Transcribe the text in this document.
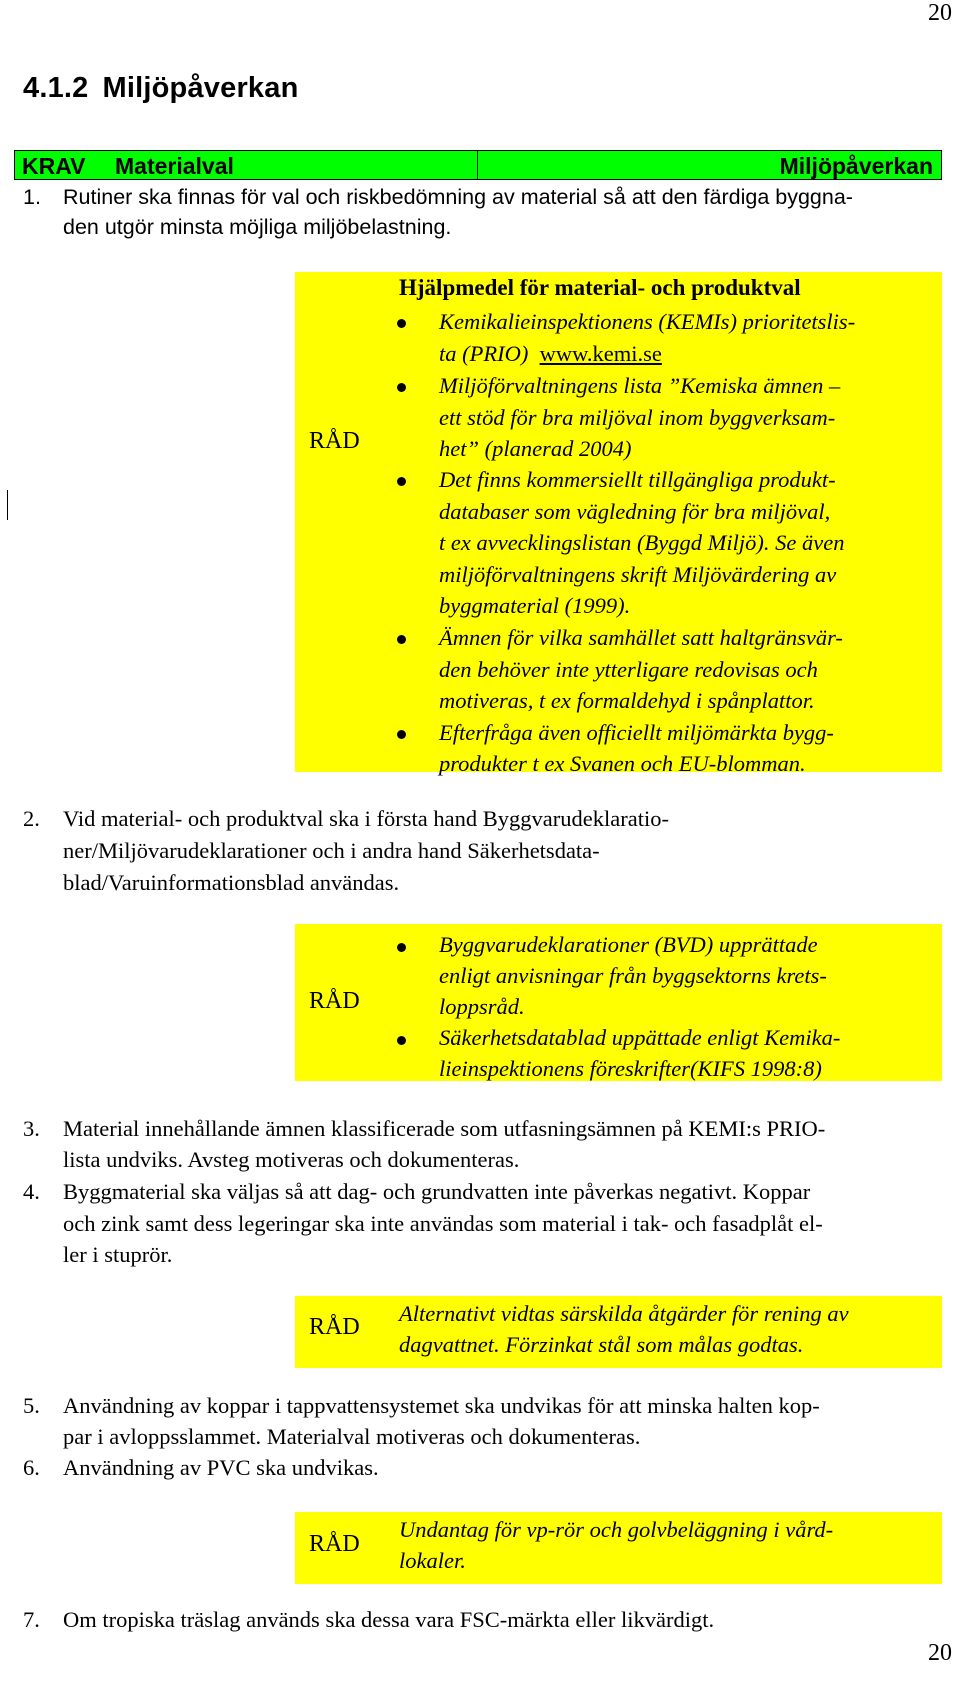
20
4.1.2 Miljöpåverkan
KRAV Materialval	Miljöpåverkan
1. Rutiner ska finnas för val och riskbedömning av material så att den färdiga byggna-
den utgör minsta möjliga miljöbelastning.
RÅD
Hjälpmedel för material- och produktval
Kemikalieinspektionens (KEMIs) prioritetslis-
ta (PRIO) www.kemi.se
Miljöförvaltningens lista ”Kemiska ämnen –
ett stöd för bra miljöval inom byggverksam-
het” (planerad 2004)
Det finns kommersiellt tillgängliga produkt-
databaser som vägledning för bra miljöval,
t ex avvecklingslistan (Byggd Miljö). Se även
miljöförvaltningens skrift Miljövärdering av
byggmaterial (1999).
Ämnen för vilka samhället satt haltgränsvär-
den behöver inte ytterligare redovisas och
motiveras, t ex formaldehyd i spånplattor.
Efterfråga även officiellt miljömärkta bygg-
produkter t ex Svanen och EU-blomman.
2. Vid material- och produktval ska i första hand Byggvarudeklaratio-
ner/Miljövarudeklarationer och i andra hand Säkerhetsdata-
blad/Varuinformationsblad användas.
RÅD
Byggvarudeklarationer (BVD) upprättade
enligt anvisningar från byggsektorns krets-
loppsråd.
Säkerhetsdatablad uppättade enligt Kemika-
lieinspektionens föreskrifter(KIFS 1998:8)
3. Material innehållande ämnen klassificerade som utfasningsämnen på KEMI:s PRIO-
lista undviks. Avsteg motiveras och dokumenteras.
4. Byggmaterial ska väljas så att dag- och grundvatten inte påverkas negativt. Koppar
och zink samt dess legeringar ska inte användas som material i tak- och fasadplåt el-
ler i stuprör.
RÅD
Alternativt vidtas särskilda åtgärder för rening av
dagvattnet. Förzinkat stål som målas godtas.
5. Användning av koppar i tappvattensystemet ska undvikas för att minska halten kop-
par i avloppsslammet. Materialval motiveras och dokumenteras.
6. Användning av PVC ska undvikas.
RÅD
Undantag för vp-rör och golvbeläggning i vård-
lokaler.
7. Om tropiska träslag används ska dessa vara FSC-märkta eller likvärdigt.
20
